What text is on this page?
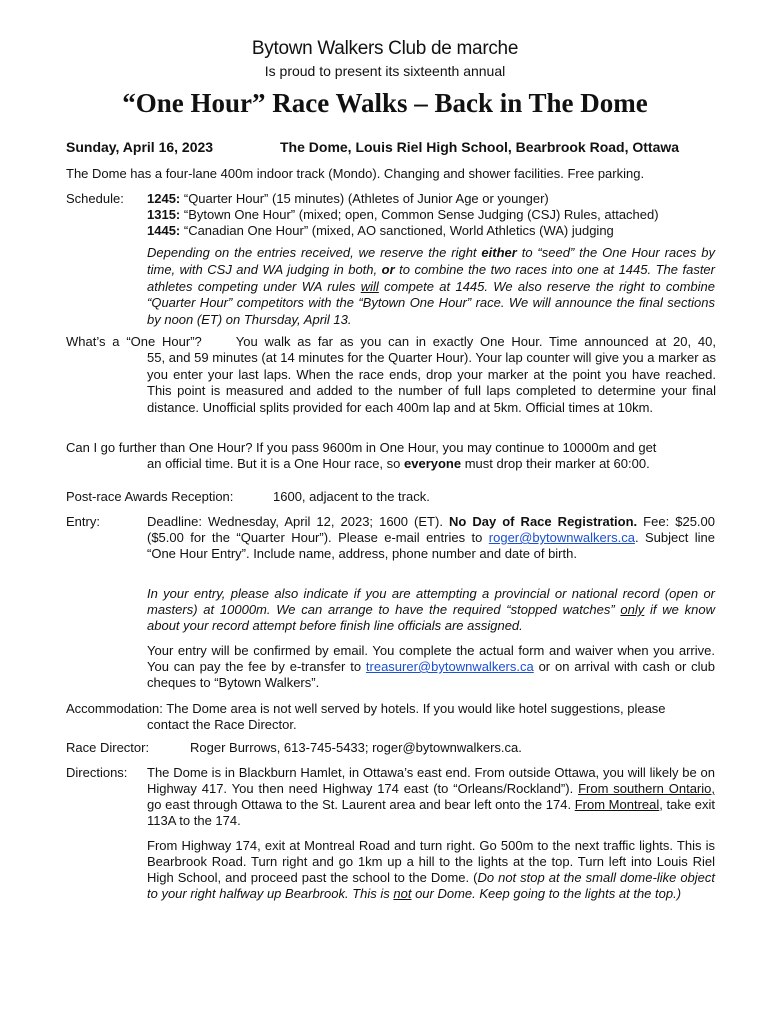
Bytown Walkers Club de marche
Is proud to present its sixteenth annual
“One Hour” Race Walks – Back in The Dome
Sunday, April 16, 2023	The Dome, Louis Riel High School, Bearbrook Road, Ottawa
The Dome has a four-lane 400m indoor track (Mondo). Changing and shower facilities. Free parking.
Schedule: 1245: “Quarter Hour” (15 minutes) (Athletes of Junior Age or younger)
1315: “Bytown One Hour” (mixed; open, Common Sense Judging (CSJ) Rules, attached)
1445: “Canadian One Hour” (mixed, AO sanctioned, World Athletics (WA) judging
Depending on the entries received, we reserve the right either to “seed” the One Hour races by time, with CSJ and WA judging in both, or to combine the two races into one at 1445. The faster athletes competing under WA rules will compete at 1445. We also reserve the right to combine “Quarter Hour” competitors with the “Bytown One Hour” race. We will announce the final sections by noon (ET) on Thursday, April 13.
What’s a “One Hour”?	You walk as far as you can in exactly One Hour. Time announced at 20, 40,
55, and 59 minutes (at 14 minutes for the Quarter Hour). Your lap counter will give you a marker as you enter your last laps. When the race ends, drop your marker at the point you have reached. This point is measured and added to the number of full laps completed to determine your final distance. Unofficial splits provided for each 400m lap and at 5km. Official times at 10km.
Can I go further than One Hour? If you pass 9600m in One Hour, you may continue to 10000m and get
an official time. But it is a One Hour race, so everyone must drop their marker at 60:00.
Post-race Awards Reception:	1600, adjacent to the track.
Entry:	Deadline: Wednesday, April 12, 2023; 1600 (ET). No Day of Race Registration. Fee: $25.00 ($5.00 for the “Quarter Hour”). Please e-mail entries to roger@bytownwalkers.ca. Subject line “One Hour Entry”. Include name, address, phone number and date of birth.
In your entry, please also indicate if you are attempting a provincial or national record (open or masters) at 10000m. We can arrange to have the required “stopped watches” only if we know about your record attempt before finish line officials are assigned.
Your entry will be confirmed by email. You complete the actual form and waiver when you arrive. You can pay the fee by e-transfer to treasurer@bytownwalkers.ca or on arrival with cash or club cheques to “Bytown Walkers”.
Accommodation: The Dome area is not well served by hotels. If you would like hotel suggestions, please
contact the Race Director.
Race Director:	Roger Burrows, 613-745-5433; roger@bytownwalkers.ca.
Directions: The Dome is in Blackburn Hamlet, in Ottawa’s east end. From outside Ottawa, you will likely be on Highway 417. You then need Highway 174 east (to “Orleans/Rockland”). From southern Ontario, go east through Ottawa to the St. Laurent area and bear left onto the 174. From Montreal, take exit 113A to the 174.
From Highway 174, exit at Montreal Road and turn right. Go 500m to the next traffic lights. This is Bearbrook Road. Turn right and go 1km up a hill to the lights at the top. Turn left into Louis Riel High School, and proceed past the school to the Dome. (Do not stop at the small dome-like object to your right halfway up Bearbrook. This is not our Dome. Keep going to the lights at the top.)
